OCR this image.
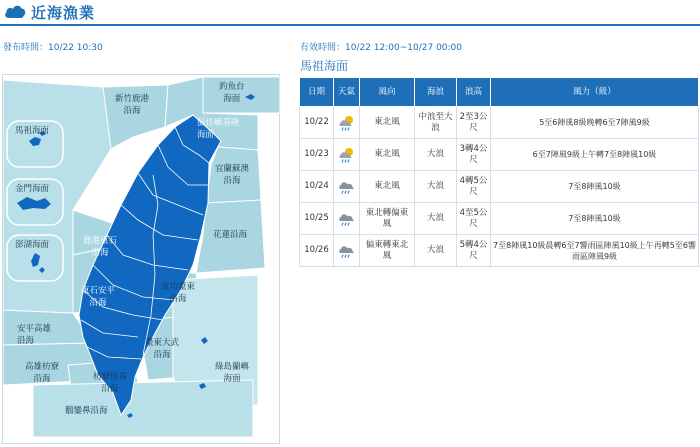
近海漁業
發布時間：10/22 10:30	有效時間：10/22 12:00~10/27 00:00
新竹鹿港
沿海
釣魚台
海面
馬祖海面
金門海面
澎湖海面
彭佳嶼基隆
海面
宜蘭蘇澳
沿海
花蓮沿海
鹿港東石
沿海
東石安平
沿海
成功臺東
沿海
安平高雄
沿海	臺東大武
沿海
高雄枋寮
沿海	枋寮恆春
沿海
綠島蘭嶼
海面
鵝鑾鼻沿海
馬祖海面
日期	天氣	風向	海浪	浪高	風力（級）
10/22		東北風	中浪至大浪	2至3公尺	5至6陣風8級晚轉6至7陣風9級
10/23		東北風	大浪	3轉4公尺	6至7陣風9級上午轉7至8陣風10級
10/24		東北風	大浪	4轉5公尺	7至8陣風10級
10/25		東北轉偏東風	大浪	4至5公尺	7至8陣風10級
10/26		偏東轉東北風	大浪	5轉4公尺	7至8陣風10級晨轉6至7響雨區陣風10級上午再轉5至6響雨區陣風9級
